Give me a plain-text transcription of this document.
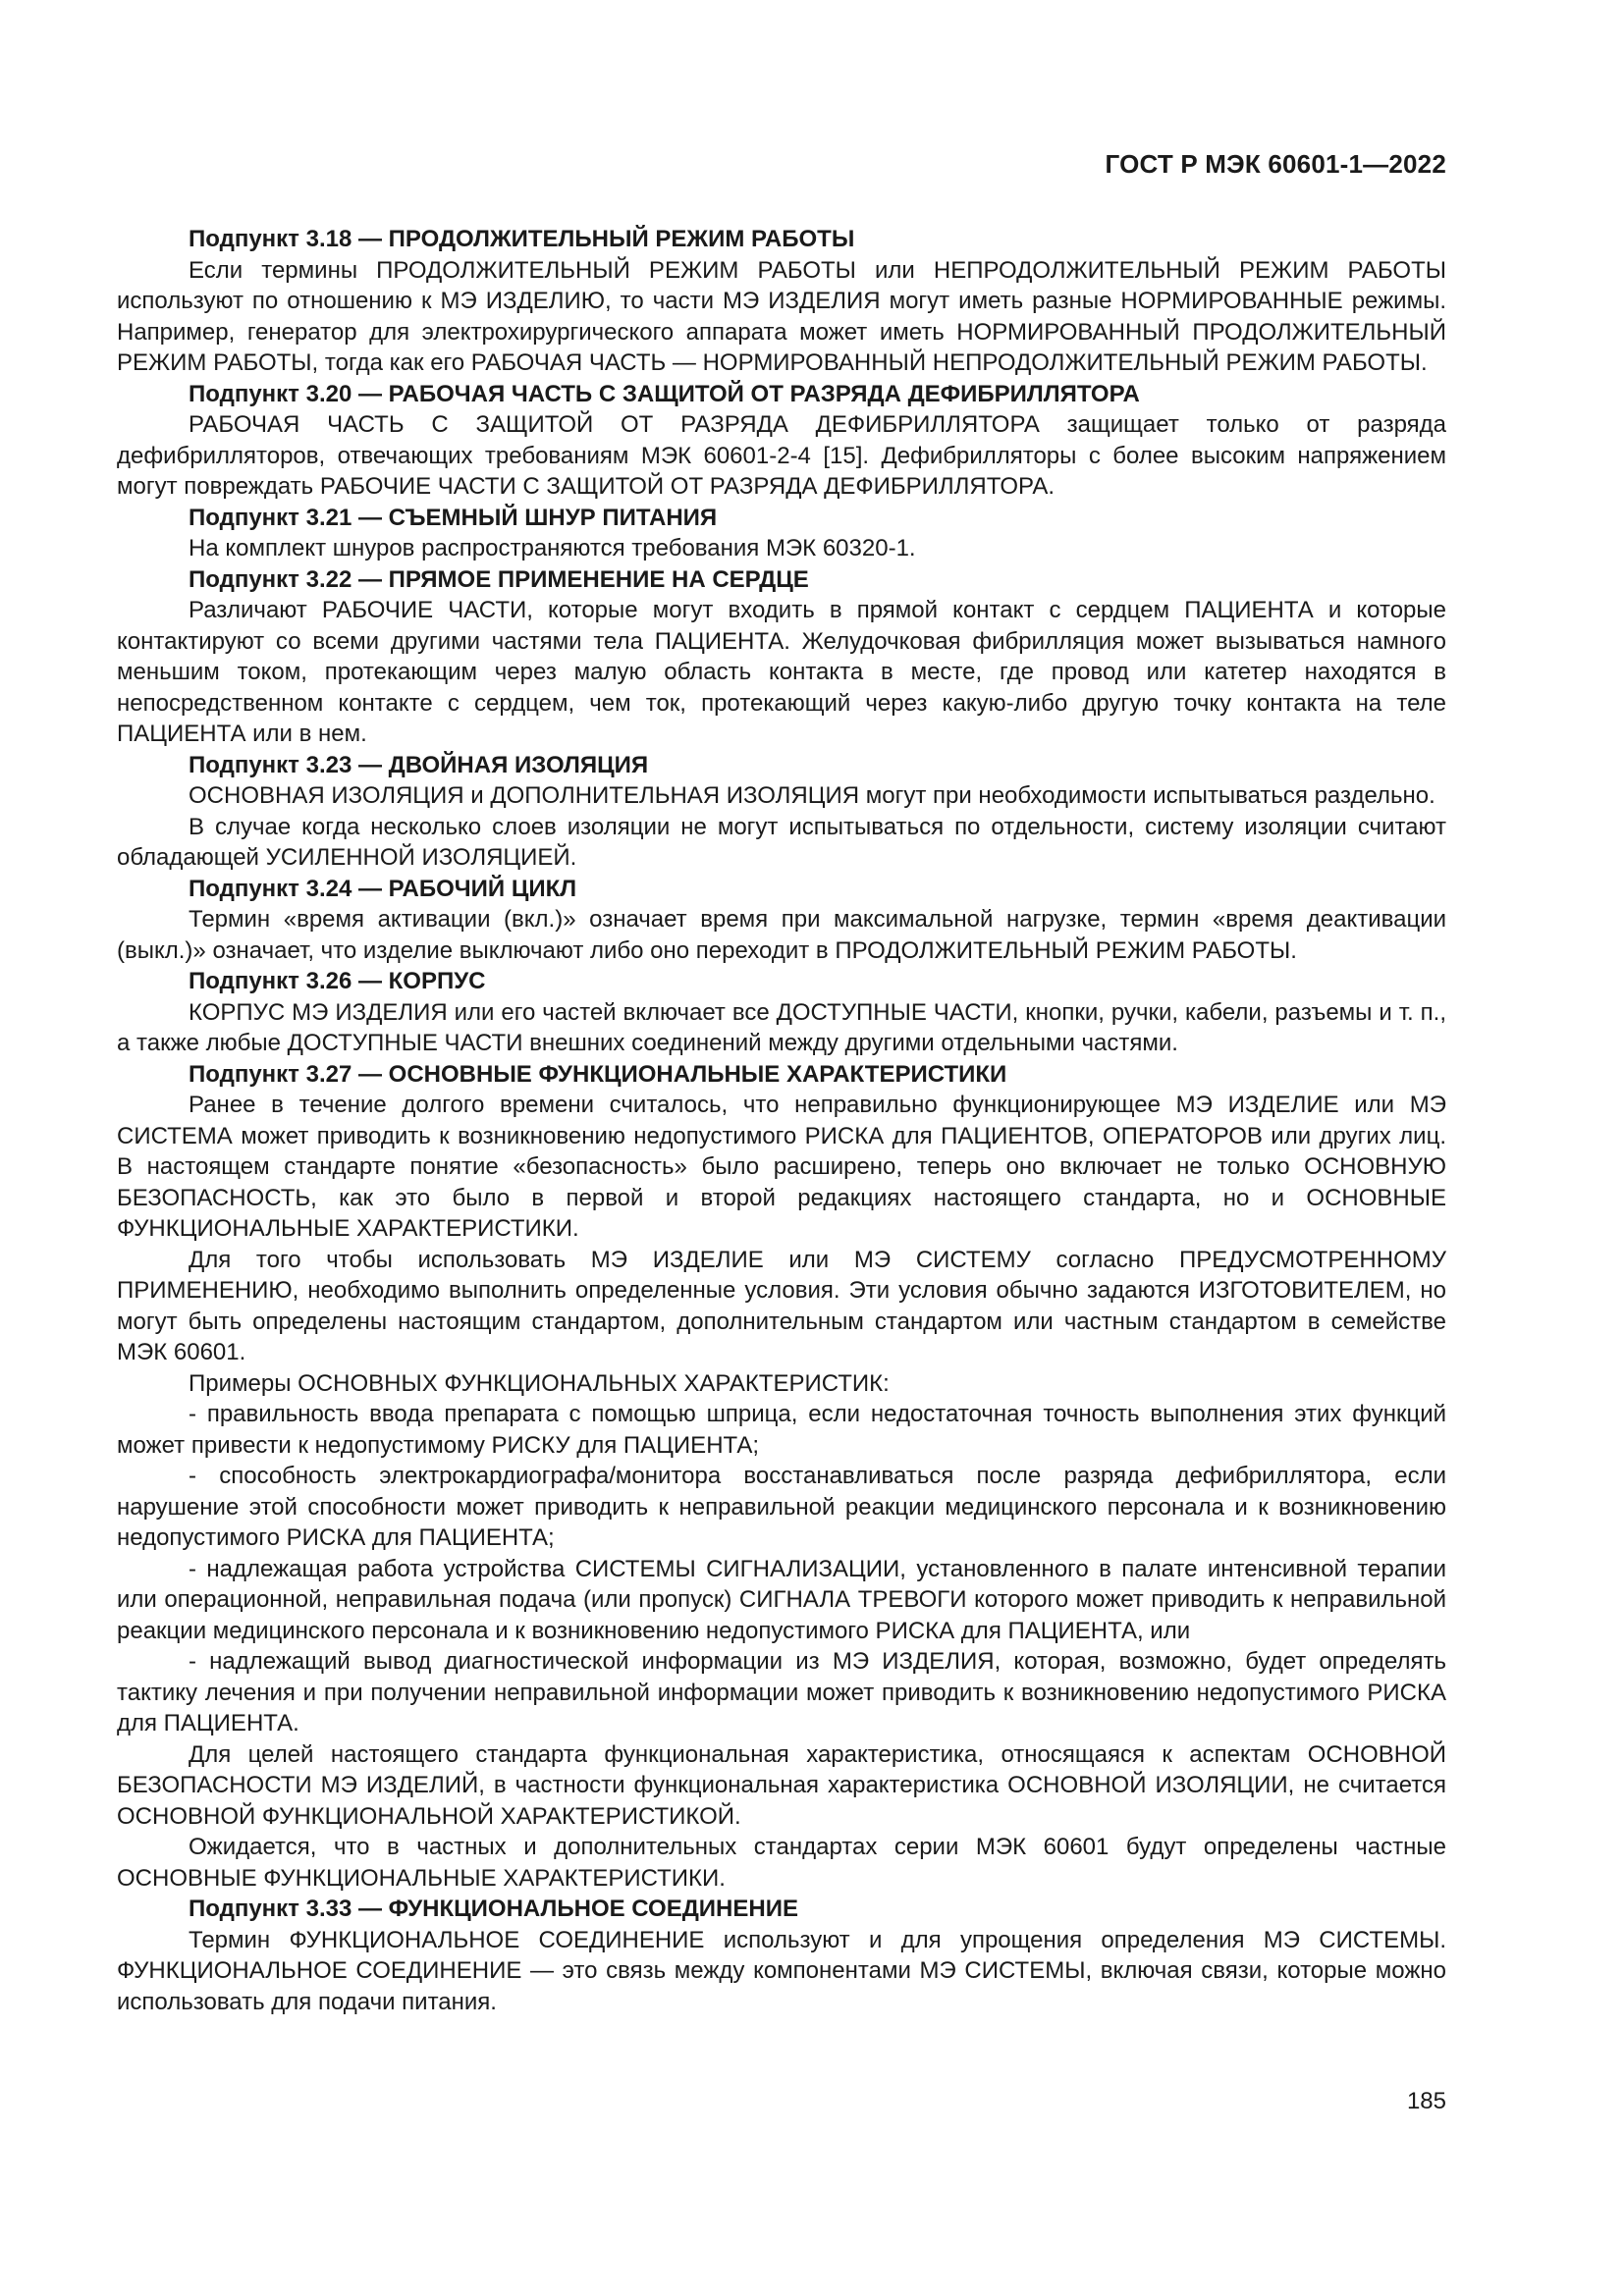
ГОСТ Р МЭК 60601-1—2022

Подпункт 3.18 — ПРОДОЛЖИТЕЛЬНЫЙ РЕЖИМ РАБОТЫ

Если термины ПРОДОЛЖИТЕЛЬНЫЙ РЕЖИМ РАБОТЫ или НЕПРОДОЛЖИТЕЛЬНЫЙ РЕЖИМ РАБОТЫ используют по отношению к МЭ ИЗДЕЛИЮ, то части МЭ ИЗДЕЛИЯ могут иметь разные НОРМИРОВАННЫЕ режимы. Например, генератор для электрохирургического аппарата может иметь НОРМИРОВАННЫЙ ПРОДОЛЖИТЕЛЬНЫЙ РЕЖИМ РАБОТЫ, тогда как его РАБОЧАЯ ЧАСТЬ — НОРМИРОВАННЫЙ НЕПРОДОЛЖИТЕЛЬНЫЙ РЕЖИМ РАБОТЫ.

Подпункт 3.20 — РАБОЧАЯ ЧАСТЬ С ЗАЩИТОЙ ОТ РАЗРЯДА ДЕФИБРИЛЛЯТОРА

РАБОЧАЯ ЧАСТЬ С ЗАЩИТОЙ ОТ РАЗРЯДА ДЕФИБРИЛЛЯТОРА защищает только от разряда дефибрилляторов, отвечающих требованиям МЭК 60601-2-4 [15]. Дефибрилляторы с более высоким напряжением могут повреждать РАБОЧИЕ ЧАСТИ С ЗАЩИТОЙ ОТ РАЗРЯДА ДЕФИБРИЛЛЯТОРА.

Подпункт 3.21 — СЪЕМНЫЙ ШНУР ПИТАНИЯ

На комплект шнуров распространяются требования МЭК 60320-1.

Подпункт 3.22 — ПРЯМОЕ ПРИМЕНЕНИЕ НА СЕРДЦЕ

Различают РАБОЧИЕ ЧАСТИ, которые могут входить в прямой контакт с сердцем ПАЦИЕНТА и которые контактируют со всеми другими частями тела ПАЦИЕНТА. Желудочковая фибрилляция может вызываться намного меньшим током, протекающим через малую область контакта в месте, где провод или катетер находятся в непосредственном контакте с сердцем, чем ток, протекающий через какую-либо другую точку контакта на теле ПАЦИЕНТА или в нем.

Подпункт 3.23 — ДВОЙНАЯ ИЗОЛЯЦИЯ

ОСНОВНАЯ ИЗОЛЯЦИЯ и ДОПОЛНИТЕЛЬНАЯ ИЗОЛЯЦИЯ могут при необходимости испытываться раздельно.

В случае когда несколько слоев изоляции не могут испытываться по отдельности, систему изоляции считают обладающей УСИЛЕННОЙ ИЗОЛЯЦИЕЙ.

Подпункт 3.24 — РАБОЧИЙ ЦИКЛ

Термин «время активации (вкл.)» означает время при максимальной нагрузке, термин «время деактивации (выкл.)» означает, что изделие выключают либо оно переходит в ПРОДОЛЖИТЕЛЬНЫЙ РЕЖИМ РАБОТЫ.

Подпункт 3.26 — КОРПУС

КОРПУС МЭ ИЗДЕЛИЯ или его частей включает все ДОСТУПНЫЕ ЧАСТИ, кнопки, ручки, кабели, разъемы и т. п., а также любые ДОСТУПНЫЕ ЧАСТИ внешних соединений между другими отдельными частями.

Подпункт 3.27 — ОСНОВНЫЕ ФУНКЦИОНАЛЬНЫЕ ХАРАКТЕРИСТИКИ

Ранее в течение долгого времени считалось, что неправильно функционирующее МЭ ИЗДЕЛИЕ или МЭ СИСТЕМА может приводить к возникновению недопустимого РИСКА для ПАЦИЕНТОВ, ОПЕРАТОРОВ или других лиц. В настоящем стандарте понятие «безопасность» было расширено, теперь оно включает не только ОСНОВНУЮ БЕЗОПАСНОСТЬ, как это было в первой и второй редакциях настоящего стандарта, но и ОСНОВНЫЕ ФУНКЦИОНАЛЬНЫЕ ХАРАКТЕРИСТИКИ.

Для того чтобы использовать МЭ ИЗДЕЛИЕ или МЭ СИСТЕМУ согласно ПРЕДУСМОТРЕННОМУ ПРИМЕНЕНИЮ, необходимо выполнить определенные условия. Эти условия обычно задаются ИЗГОТОВИТЕЛЕМ, но могут быть определены настоящим стандартом, дополнительным стандартом или частным стандартом в семействе МЭК 60601.

Примеры ОСНОВНЫХ ФУНКЦИОНАЛЬНЫХ ХАРАКТЕРИСТИК:

- правильность ввода препарата с помощью шприца, если недостаточная точность выполнения этих функций может привести к недопустимому РИСКУ для ПАЦИЕНТА;

- способность электрокардиографа/монитора восстанавливаться после разряда дефибриллятора, если нарушение этой способности может приводить к неправильной реакции медицинского персонала и к возникновению недопустимого РИСКА для ПАЦИЕНТА;

- надлежащая работа устройства СИСТЕМЫ СИГНАЛИЗАЦИИ, установленного в палате интенсивной терапии или операционной, неправильная подача (или пропуск) СИГНАЛА ТРЕВОГИ которого может приводить к неправильной реакции медицинского персонала и к возникновению недопустимого РИСКА для ПАЦИЕНТА, или

- надлежащий вывод диагностической информации из МЭ ИЗДЕЛИЯ, которая, возможно, будет определять тактику лечения и при получении неправильной информации может приводить к возникновению недопустимого РИСКА для ПАЦИЕНТА.

Для целей настоящего стандарта функциональная характеристика, относящаяся к аспектам ОСНОВНОЙ БЕЗОПАСНОСТИ МЭ ИЗДЕЛИЙ, в частности функциональная характеристика ОСНОВНОЙ ИЗОЛЯЦИИ, не считается ОСНОВНОЙ ФУНКЦИОНАЛЬНОЙ ХАРАКТЕРИСТИКОЙ.

Ожидается, что в частных и дополнительных стандартах серии МЭК 60601 будут определены частные ОСНОВНЫЕ ФУНКЦИОНАЛЬНЫЕ ХАРАКТЕРИСТИКИ.

Подпункт 3.33 — ФУНКЦИОНАЛЬНОЕ СОЕДИНЕНИЕ

Термин ФУНКЦИОНАЛЬНОЕ СОЕДИНЕНИЕ используют и для упрощения определения МЭ СИСТЕМЫ. ФУНКЦИОНАЛЬНОЕ СОЕДИНЕНИЕ — это связь между компонентами МЭ СИСТЕМЫ, включая связи, которые можно использовать для подачи питания.

185
